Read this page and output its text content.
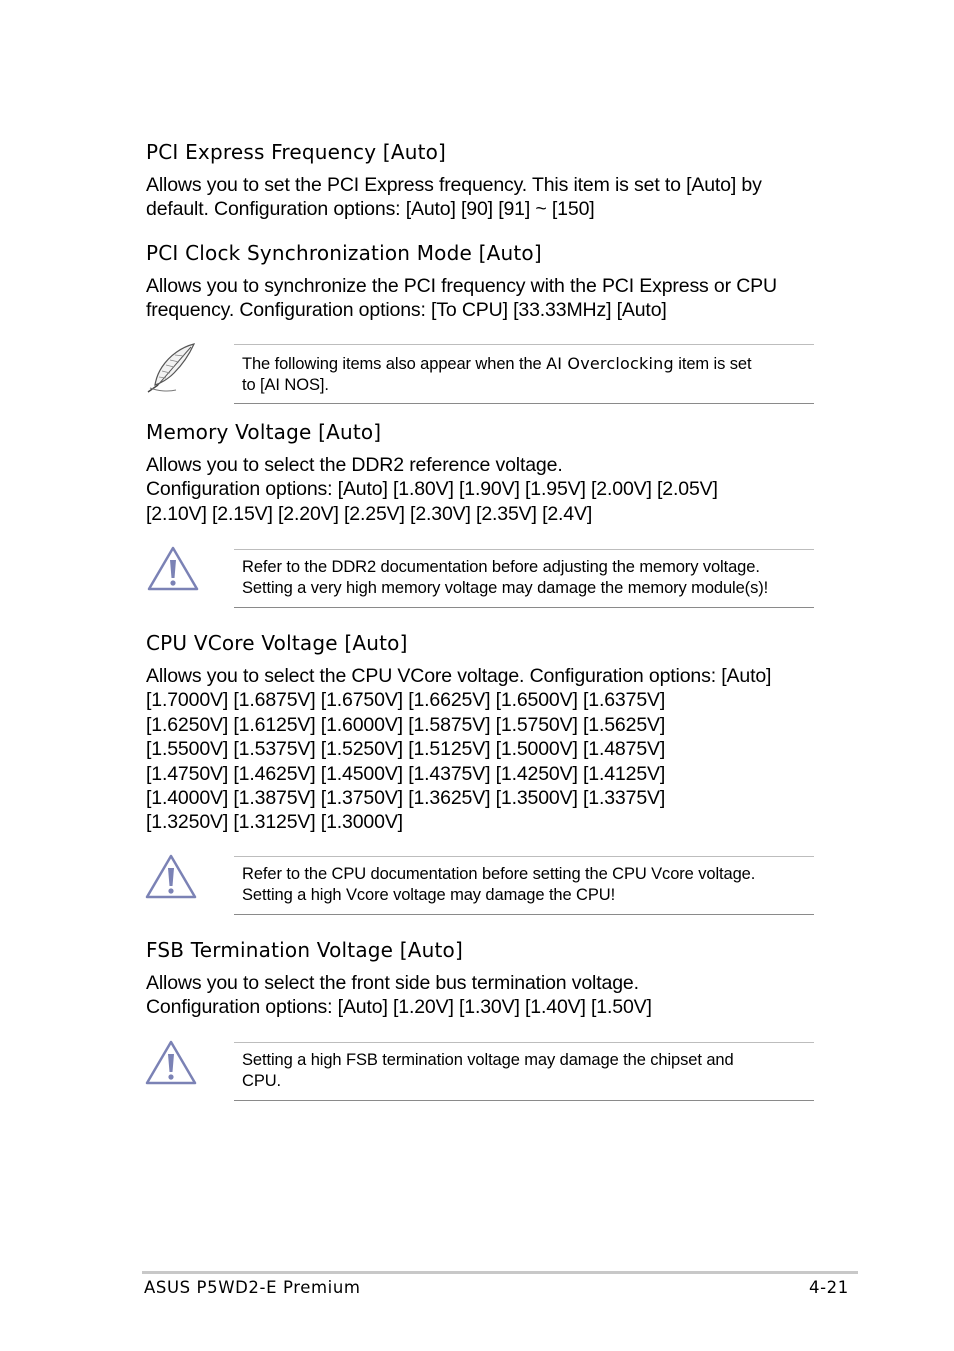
PCI Express Frequency [Auto]

Allows you to set the PCI Express frequency. This item is set to [Auto] by
default. Configuration options: [Auto] [90] [91] ~ [150]

PCI Clock Synchronization Mode [Auto]

Allows you to synchronize the PCI frequency with the PCI Express or CPU
frequency. Configuration options: [To CPU] [33.33MHz] [Auto]

The following items also appear when the AI Overclocking item is set
to [AI NOS].
Memory Voltage [Auto]

Allows you to select the DDR2 reference voltage.
Configuration options: [Auto] [1.80V] [1.90V] [1.95V] [2.00V] [2.05V]
[2.10V] [2.15V] [2.20V] [2.25V] [2.30V] [2.35V] [2.4V]

Refer to the DDR2 documentation before adjusting the memory voltage.
Setting a very high memory voltage may damage the memory module(s)!
CPU VCore Voltage [Auto]

Allows you to select the CPU VCore voltage. Configuration options: [Auto]
[1.7000V] [1.6875V] [1.6750V] [1.6625V] [1.6500V] [1.6375V]
[1.6250V] [1.6125V] [1.6000V] [1.5875V] [1.5750V] [1.5625V]
[1.5500V] [1.5375V] [1.5250V] [1.5125V] [1.5000V] [1.4875V]
[1.4750V] [1.4625V] [1.4500V] [1.4375V] [1.4250V] [1.4125V]
[1.4000V] [1.3875V] [1.3750V] [1.3625V] [1.3500V] [1.3375V]
[1.3250V] [1.3125V] [1.3000V]

Refer to the CPU documentation before setting the CPU Vcore voltage.
Setting a high Vcore voltage may damage the CPU!
FSB Termination Voltage [Auto]

Allows you to select the front side bus termination voltage.
Configuration options: [Auto] [1.20V] [1.30V] [1.40V] [1.50V]

Setting a high FSB termination voltage may damage the chipset and
CPU.
ASUS P5WD2-E Premium	4-21
